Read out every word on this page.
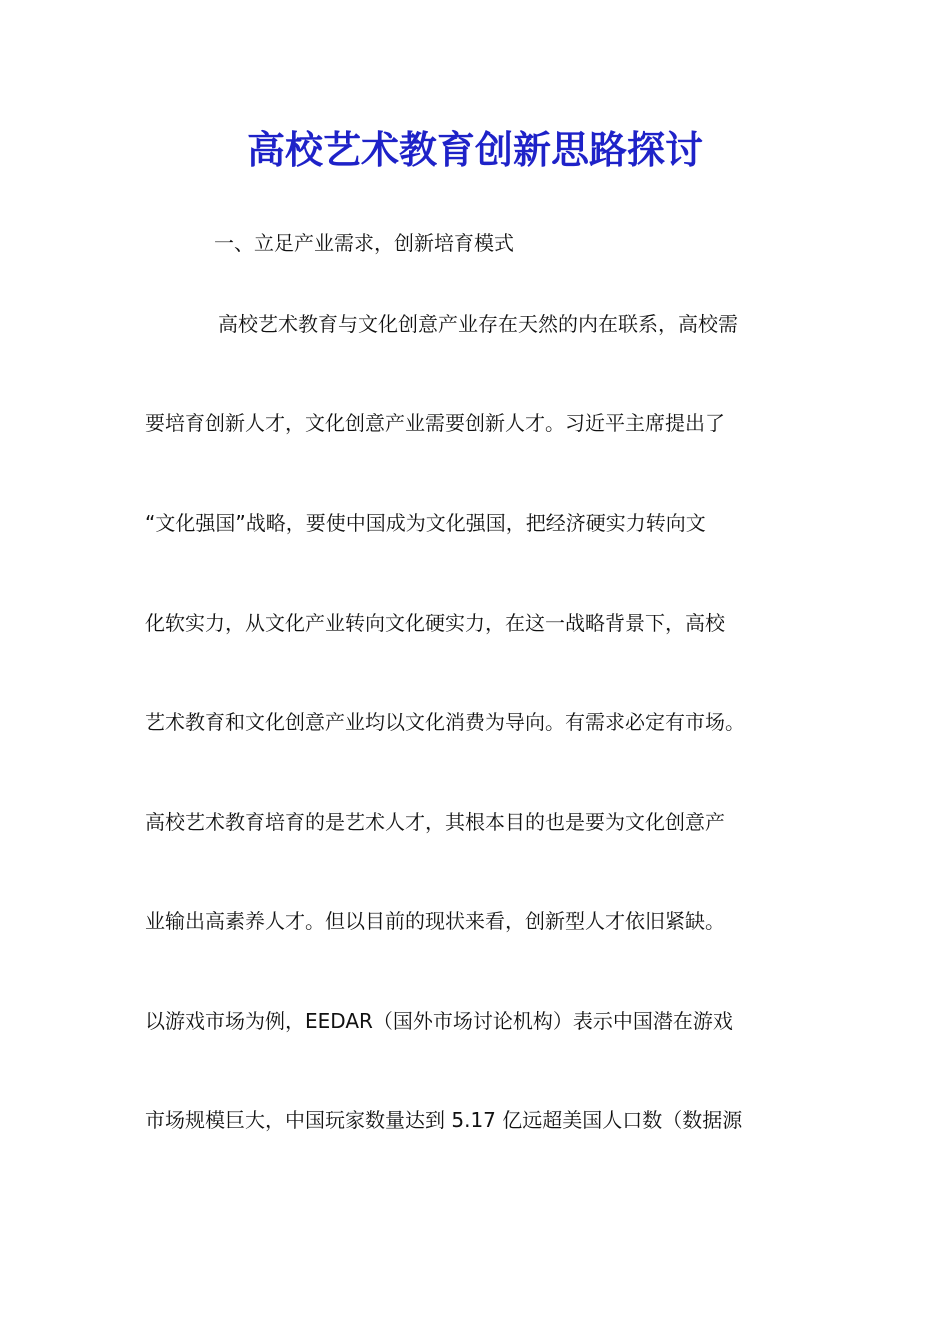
高校艺术教育创新思路探讨

一、立足产业需求，创新培育模式

高校艺术教育与文化创意产业存在天然的内在联系，高校需

要培育创新人才，文化创意产业需要创新人才。习近平主席提出了

“文化强国”战略，要使中国成为文化强国，把经济硬实力转向文

化软实力，从文化产业转向文化硬实力，在这一战略背景下，高校

艺术教育和文化创意产业均以文化消费为导向。有需求必定有市场。

高校艺术教育培育的是艺术人才，其根本目的也是要为文化创意产

业输出高素养人才。但以目前的现状来看，创新型人才依旧紧缺。

以游戏市场为例，EEDAR（国外市场讨论机构）表示中国潜在游戏

市场规模巨大，中国玩家数量达到 5.17 亿远超美国人口数（数据源
